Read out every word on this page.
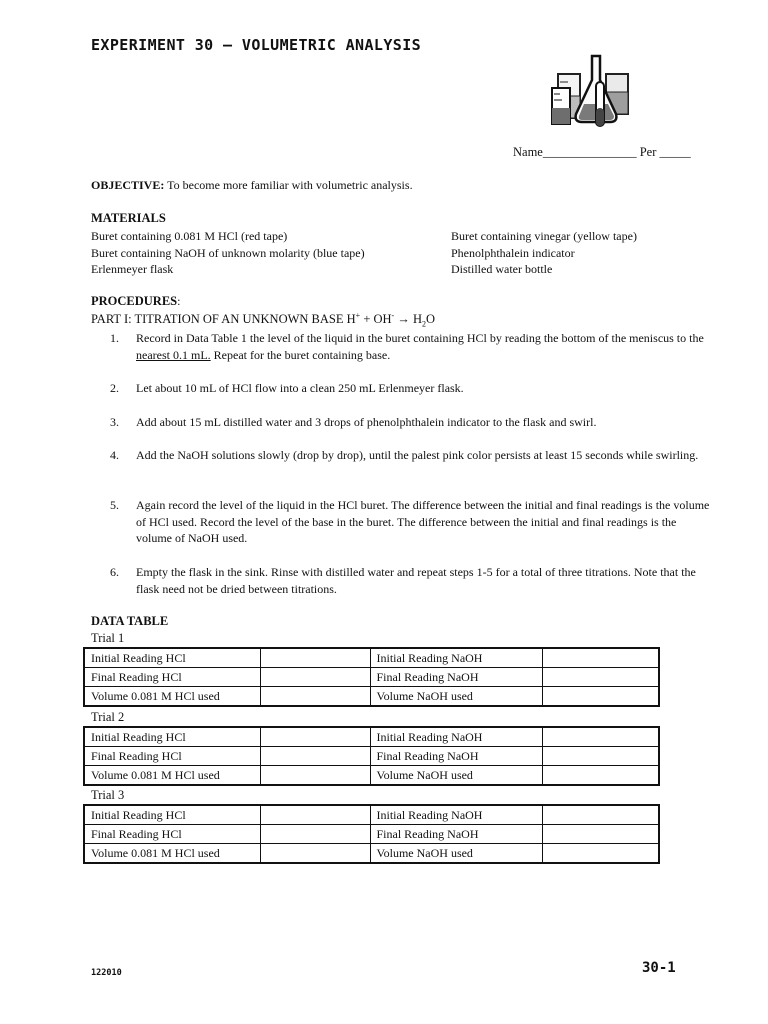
EXPERIMENT 30 – VOLUMETRIC ANALYSIS
Name_______________ Per _____
OBJECTIVE: To become more familiar with volumetric analysis.
MATERIALS
Buret containing 0.081 M HCl (red tape)
Buret containing NaOH of unknown molarity (blue tape)
Erlenmeyer flask
Buret containing vinegar (yellow tape)
Phenolphthalein indicator
Distilled water bottle
PROCEDURES:
PART I: TITRATION OF AN UNKNOWN BASE $H^+ + OH^- \to H_2O$
1. Record in Data Table 1 the level of the liquid in the buret containing HCl by reading the bottom of the meniscus to the nearest 0.1 mL. Repeat for the buret containing base.
2. Let about 10 mL of HCl flow into a clean 250 mL Erlenmeyer flask.
3. Add about 15 mL distilled water and 3 drops of phenolphthalein indicator to the flask and swirl.
4. Add the NaOH solutions slowly (drop by drop), until the palest pink color persists at least 15 seconds while swirling.
5. Again record the level of the liquid in the HCl buret. The difference between the initial and final readings is the volume of HCl used. Record the level of the base in the buret. The difference between the initial and final readings is the volume of NaOH used.
6. Empty the flask in the sink. Rinse with distilled water and repeat steps 1-5 for a total of three titrations. Note that the flask need not be dried between titrations.
DATA TABLE
Trial 1
Initial Reading HCl		Initial Reading NaOH	
Final Reading HCl		Final Reading NaOH	
Volume 0.081 M HCl used		Volume NaOH used	
Trial 2
Initial Reading HCl		Initial Reading NaOH	
Final Reading HCl		Final Reading NaOH	
Volume 0.081 M HCl used		Volume NaOH used	
Trial 3
Initial Reading HCl		Initial Reading NaOH	
Final Reading HCl		Final Reading NaOH	
Volume 0.081 M HCl used		Volume NaOH used	
122010	30-1
